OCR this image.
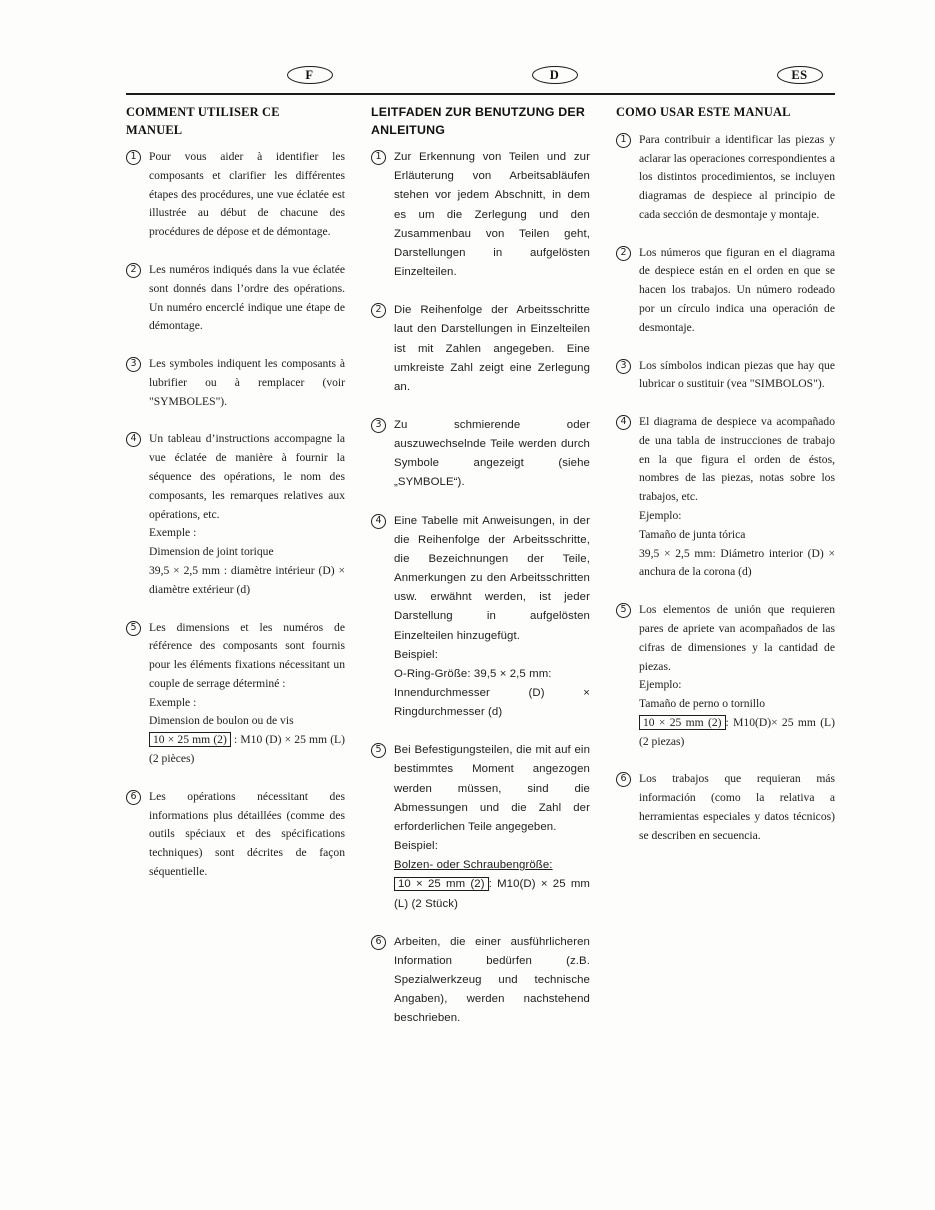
F	D	ES
COMMENT UTILISER CE
MANUEL
1	Pour vous aider à identifier les composants et clarifier les différentes étapes des procédures, une vue éclatée est illustrée au début de chacune des procédures de dépose et de démontage.

2	Les numéros indiqués dans la vue éclatée sont donnés dans l’ordre des opérations. Un numéro encerclé indique une étape de démontage.

3	Les symboles indiquent les composants à lubrifier ou à remplacer (voir "SYMBOLES").

4	Un tableau d’instructions accompagne la vue éclatée de manière à fournir la séquence des opérations, le nom des composants, les remarques relatives aux opérations, etc.

Exemple :

Dimension de joint torique

39,5 × 2,5 mm : diamètre intérieur (D) × diamètre extérieur (d)

5	Les dimensions et les numéros de référence des composants sont fournis pour les éléments fixations nécessitant un couple de serrage déterminé :

Exemple :

Dimension de boulon ou de vis

10 × 25 mm (2) : M10 (D) × 25 mm (L) (2 pièces)

6	Les opérations nécessitant des informations plus détaillées (comme des outils spéciaux et des spécifications techniques) sont décrites de façon séquentielle.

LEITFADEN ZUR BENUTZUNG DER
ANLEITUNG
1	Zur Erkennung von Teilen und zur Erläuterung von Arbeitsabläufen stehen vor jedem Abschnitt, in dem es um die Zerlegung und den Zusammenbau von Teilen geht, Darstellungen in aufgelösten Einzelteilen.

2	Die Reihenfolge der Arbeitsschritte laut den Darstellungen in Einzelteilen ist mit Zahlen angegeben. Eine umkreiste Zahl zeigt eine Zerlegung an.

3	Zu schmierende oder auszuwechselnde Teile werden durch Symbole angezeigt (siehe „SYMBOLE“).

4	Eine Tabelle mit Anweisungen, in der die Reihenfolge der Arbeitsschritte, die Bezeichnungen der Teile, Anmerkungen zu den Arbeitsschritten usw. erwähnt werden, ist jeder Darstellung in aufgelösten Einzelteilen hinzugefügt.

Beispiel:

O-Ring-Größe: 39,5 × 2,5 mm:

Innendurchmesser (D) × Ringdurchmesser (d)

5	Bei Befestigungsteilen, die mit auf ein bestimmtes Moment angezogen werden müssen, sind die Abmessungen und die Zahl der erforderlichen Teile angegeben.

Beispiel:

Bolzen- oder Schraubengröße:

10 × 25 mm (2) : M10(D) × 25 mm (L) (2 Stück)

6	Arbeiten, die einer ausführlicheren Information bedürfen (z.B. Spezialwerkzeug und technische Angaben), werden nachstehend beschrieben.

COMO USAR ESTE MANUAL
1	Para contribuir a identificar las piezas y aclarar las operaciones correspondientes a los distintos procedimientos, se incluyen diagramas de despiece al principio de cada sección de desmontaje y montaje.

2	Los números que figuran en el diagrama de despiece están en el orden en que se hacen los trabajos. Un número rodeado por un círculo indica una operación de desmontaje.

3	Los símbolos indican piezas que hay que lubricar o sustituir (vea "SIMBOLOS").

4	El diagrama de despiece va acompañado de una tabla de instrucciones de trabajo en la que figura el orden de éstos, nombres de las piezas, notas sobre los trabajos, etc.

Ejemplo:

Tamaño de junta tórica

39,5 × 2,5 mm: Diámetro interior (D) × anchura de la corona (d)

5	Los elementos de unión que requieren pares de apriete van acompañados de las cifras de dimensiones y la cantidad de piezas.

Ejemplo:

Tamaño de perno o tornillo

10 × 25 mm (2) : M10(D)× 25 mm (L) (2 piezas)

6	Los trabajos que requieran más información (como la relativa a herramientas especiales y datos técnicos) se describen en secuencia.
